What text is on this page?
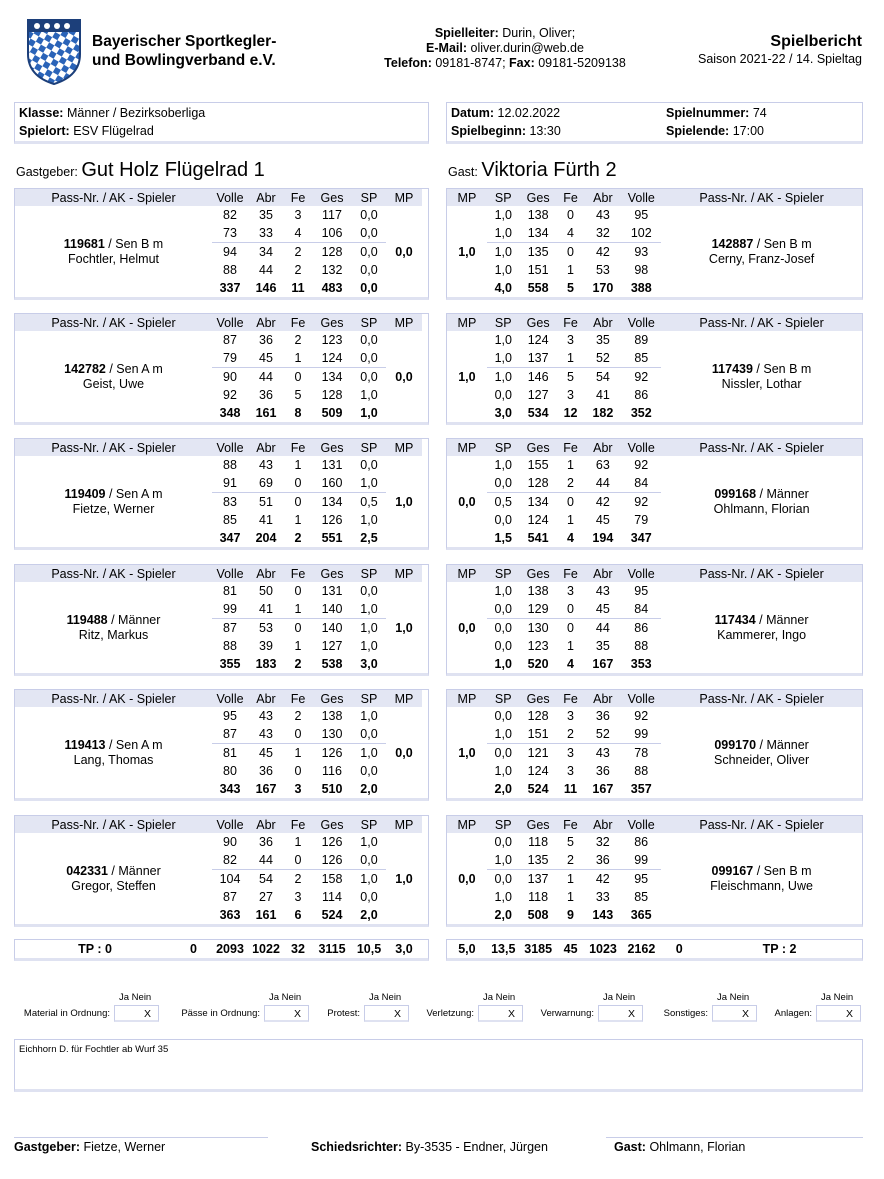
Bayerischer Sportkegler-
und Bowlingverband e.V.
Spielleiter: Durin, Oliver;
E-Mail: oliver.durin@web.de
Telefon: 09181-8747; Fax: 09181-5209138
Spielbericht
Saison 2021-22 / 14. Spieltag
Klasse: Männer / Bezirksoberliga
Spielort: ESV Flügelrad
Datum: 12.02.2022
Spielbeginn: 13:30
Spielnummer: 74
Spielende: 17:00
Gastgeber: Gut Holz Flügelrad 1	Gast: Viktoria Fürth 2
Pass-Nr. / AK - Spieler	Volle	Abr	Fe	Ges	SP	MP
	82	35	3	117	0,0	

119681 / Sen B m
Fochtler, Helmut	73	33	4	106	0,0	0,0
	94	34	2	128	0,0	
	88	44	2	132	0,0	
	337	146	11	483	0,0	
MP	SP	Ges	Fe	Abr	Volle	Pass-Nr. / AK - Spieler
	1,0	138	0	43	95	
1,0	1,0	134	4	32	102	142887 / Sen B m
Cerny, Franz-Josef

	1,0	135	0	42	93	
	1,0	151	1	53	98	
	4,0	558	5	170	388	
Pass-Nr. / AK - Spieler	Volle	Abr	Fe	Ges	SP	MP
	87	36	2	123	0,0	

142782 / Sen A m
Geist, Uwe	79	45	1	124	0,0	0,0
	90	44	0	134	0,0	
	92	36	5	128	1,0	
	348	161	8	509	1,0	
MP	SP	Ges	Fe	Abr	Volle	Pass-Nr. / AK - Spieler
	1,0	124	3	35	89	
1,0	1,0	137	1	52	85	117439 / Sen B m
Nissler, Lothar

	1,0	146	5	54	92	
	0,0	127	3	41	86	
	3,0	534	12	182	352	
Pass-Nr. / AK - Spieler	Volle	Abr	Fe	Ges	SP	MP
	88	43	1	131	0,0	

119409 / Sen A m
Fietze, Werner	91	69	0	160	1,0	1,0
	83	51	0	134	0,5	
	85	41	1	126	1,0	
	347	204	2	551	2,5	
MP	SP	Ges	Fe	Abr	Volle	Pass-Nr. / AK - Spieler
	1,0	155	1	63	92	
0,0	0,0	128	2	44	84	099168 / Männer
Ohlmann, Florian

	0,5	134	0	42	92	
	0,0	124	1	45	79	
	1,5	541	4	194	347	
Pass-Nr. / AK - Spieler	Volle	Abr	Fe	Ges	SP	MP
	81	50	0	131	0,0	

119488 / Männer
Ritz, Markus	99	41	1	140	1,0	1,0
	87	53	0	140	1,0	
	88	39	1	127	1,0	
	355	183	2	538	3,0	
MP	SP	Ges	Fe	Abr	Volle	Pass-Nr. / AK - Spieler
	1,0	138	3	43	95	
0,0	0,0	129	0	45	84	117434 / Männer
Kammerer, Ingo

	0,0	130	0	44	86	
	0,0	123	1	35	88	
	1,0	520	4	167	353	
Pass-Nr. / AK - Spieler	Volle	Abr	Fe	Ges	SP	MP
	95	43	2	138	1,0	

119413 / Sen A m
Lang, Thomas	87	43	0	130	0,0	0,0
	81	45	1	126	1,0	
	80	36	0	116	0,0	
	343	167	3	510	2,0	
MP	SP	Ges	Fe	Abr	Volle	Pass-Nr. / AK - Spieler
	0,0	128	3	36	92	
1,0	1,0	151	2	52	99	099170 / Männer
Schneider, Oliver

	0,0	121	3	43	78	
	1,0	124	3	36	88	
	2,0	524	11	167	357	
Pass-Nr. / AK - Spieler	Volle	Abr	Fe	Ges	SP	MP
	90	36	1	126	1,0	

042331 / Männer
Gregor, Steffen	82	44	0	126	0,0	1,0
	104	54	2	158	1,0	
	87	27	3	114	0,0	
	363	161	6	524	2,0	
MP	SP	Ges	Fe	Abr	Volle	Pass-Nr. / AK - Spieler
	0,0	118	5	32	86	
0,0	1,0	135	2	36	99	099167 / Sen B m
Fleischmann, Uwe

	0,0	137	1	42	95	
	1,0	118	1	33	85	
	2,0	508	9	143	365	
TP : 0	0	2093	1022	32	3115	10,5	3,0	5,0	13,5	3185	45	1023	2162	0	TP : 2
Ja Nein
Material in Ordnung:	X
Ja Nein
Pässe in Ordnung:	X
Ja Nein
Protest:	X
Ja Nein
Verletzung:	X
Ja Nein
Verwarnung:	X
Ja Nein
Sonstiges:	X
Ja Nein
Anlagen:	X
Eichhorn D. für Fochtler ab Wurf 35
Gastgeber: Fietze, Werner	Schiedsrichter: By-3535 - Endner, Jürgen	Gast: Ohlmann, Florian
